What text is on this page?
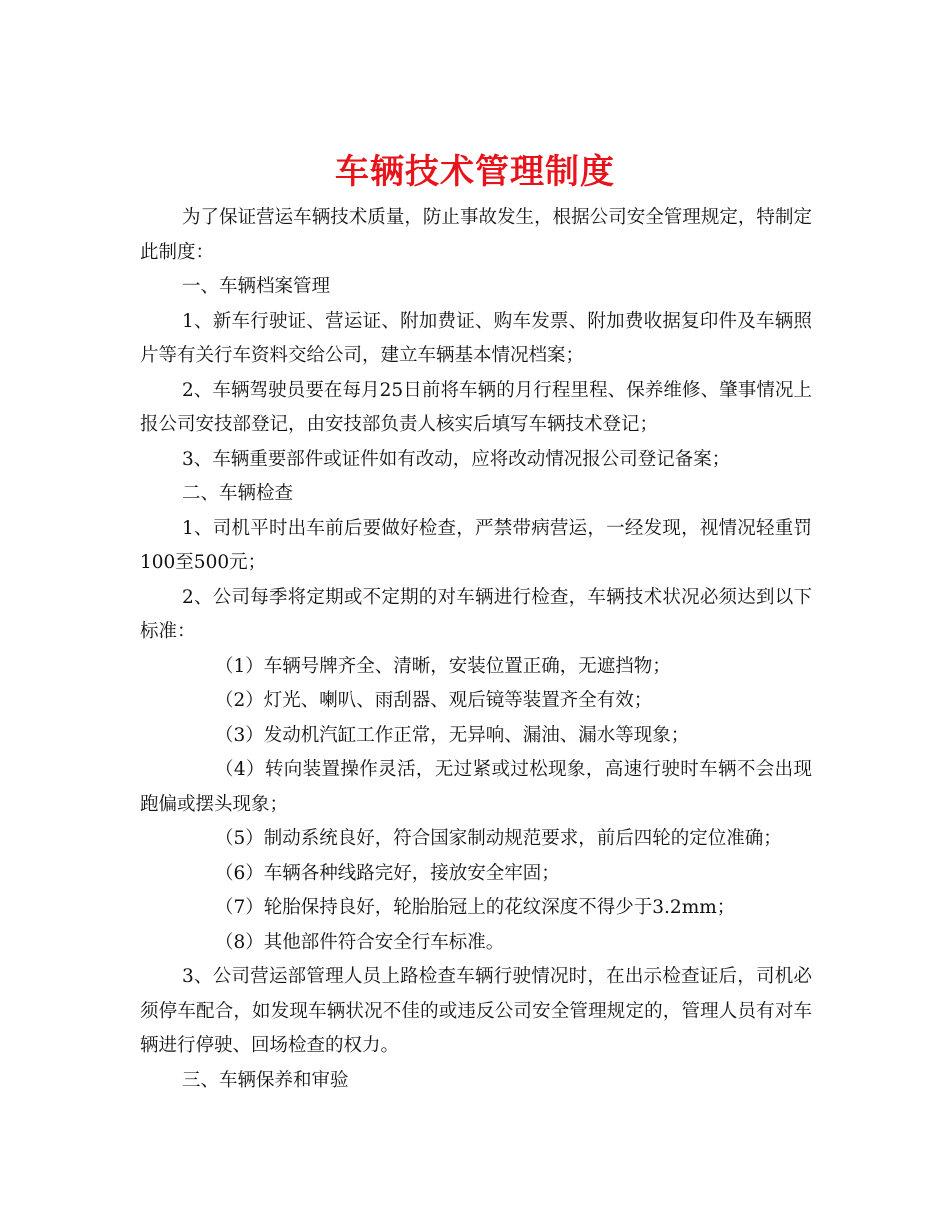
车辆技术管理制度

为了保证营运车辆技术质量，防止事故发生，根据公司安全管理规定，特制定此制度：

一、车辆档案管理

1、新车行驶证、营运证、附加费证、购车发票、附加费收据复印件及车辆照片等有关行车资料交给公司，建立车辆基本情况档案；

2、车辆驾驶员要在每月25日前将车辆的月行程里程、保养维修、肇事情况上报公司安技部登记，由安技部负责人核实后填写车辆技术登记；

3、车辆重要部件或证件如有改动，应将改动情况报公司登记备案；

二、车辆检查

1、司机平时出车前后要做好检查，严禁带病营运，一经发现，视情况轻重罚100至500元；

2、公司每季将定期或不定期的对车辆进行检查，车辆技术状况必须达到以下标准：

（1）车辆号牌齐全、清晰，安装位置正确，无遮挡物；

（2）灯光、喇叭、雨刮器、观后镜等装置齐全有效；

（3）发动机汽缸工作正常，无异响、漏油、漏水等现象；

（4）转向装置操作灵活，无过紧或过松现象，高速行驶时车辆不会出现跑偏或摆头现象；

（5）制动系统良好，符合国家制动规范要求，前后四轮的定位准确；

（6）车辆各种线路完好，接放安全牢固；

（7）轮胎保持良好，轮胎胎冠上的花纹深度不得少于3.2mm；

（8）其他部件符合安全行车标准。

3、公司营运部管理人员上路检查车辆行驶情况时，在出示检查证后，司机必须停车配合，如发现车辆状况不佳的或违反公司安全管理规定的，管理人员有对车辆进行停驶、回场检查的权力。

三、车辆保养和审验
